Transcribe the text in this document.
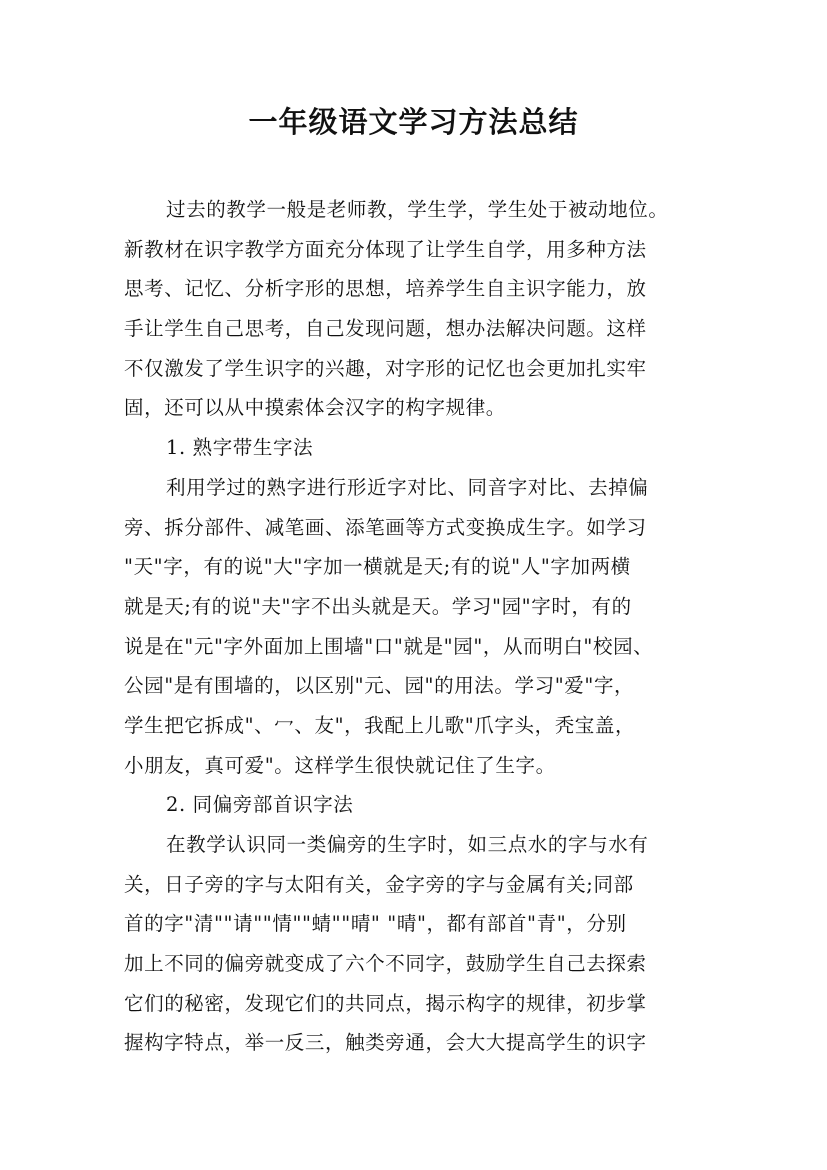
一年级语文学习方法总结

过去的教学一般是老师教，学生学，学生处于被动地位。

新教材在识字教学方面充分体现了让学生自学，用多种方法

思考、记忆、分析字形的思想，培养学生自主识字能力，放

手让学生自己思考，自己发现问题，想办法解决问题。这样

不仅激发了学生识字的兴趣，对字形的记忆也会更加扎实牢

固，还可以从中摸索体会汉字的构字规律。

1. 熟字带生字法

利用学过的熟字进行形近字对比、同音字对比、去掉偏

旁、拆分部件、减笔画、添笔画等方式变换成生字。如学习

"天"字，有的说"大"字加一横就是天;有的说"人"字加两横

就是天;有的说"夫"字不出头就是天。学习"园"字时，有的

说是在"元"字外面加上围墙"口"就是"园"，从而明白"校园、

公园"是有围墙的，以区别"元、园"的用法。学习"爱"字，

学生把它拆成"、冖、友"，我配上儿歌"爪字头，秃宝盖，

小朋友，真可爱"。这样学生很快就记住了生字。

2. 同偏旁部首识字法

在教学认识同一类偏旁的生字时，如三点水的字与水有

关，日子旁的字与太阳有关，金字旁的字与金属有关;同部

首的字"清""请""情""蜻""晴" "晴"，都有部首"青"，分别

加上不同的偏旁就变成了六个不同字，鼓励学生自己去探索

它们的秘密，发现它们的共同点，揭示构字的规律，初步掌

握构字特点，举一反三，触类旁通，会大大提高学生的识字
